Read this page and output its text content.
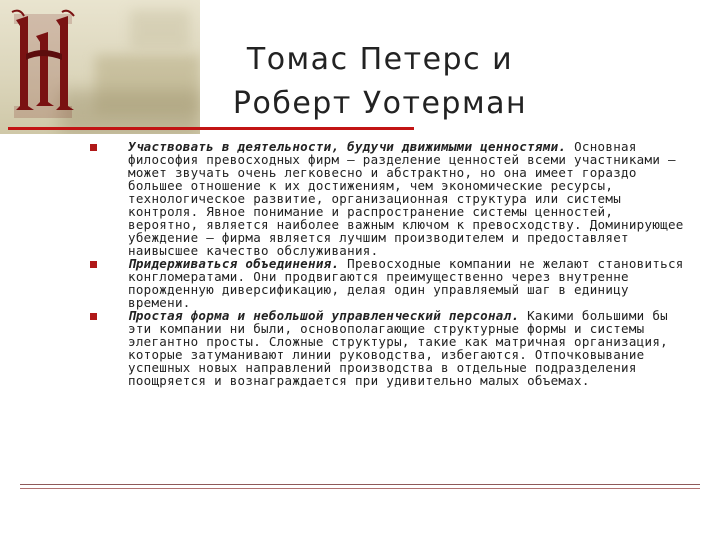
Томас Петерс и
Роберт Уотерман

Участвовать в деятельности, будучи движимыми ценностями. Основная философия превосходных фирм – разделение ценностей всеми участниками – может звучать очень легковесно и абстрактно, но она имеет гораздо большее отношение к их достижениям, чем экономические ресурсы, технологическое развитие, организационная структура или системы контроля. Явное понимание и распространение системы ценностей, вероятно, является наиболее важным ключом к превосходству. Доминирующее убеждение – фирма является лучшим производителем и предоставляет наивысшее качество обслуживания.

Придерживаться объединения. Превосходные компании не желают становиться конгломератами. Они продвигаются преимущественно через внутренне порожденную диверсификацию, делая один управляемый шаг в единицу времени.

Простая форма и небольшой управленческий персонал. Какими большими бы эти компании ни были, основополагающие структурные формы и системы элегантно просты. Сложные структуры, такие как матричная организация, которые затуманивают линии руководства, избегаются. Отпочковывание успешных новых направлений производства в отдельные подразделения поощряется и вознаграждается при удивительно малых объемах.
